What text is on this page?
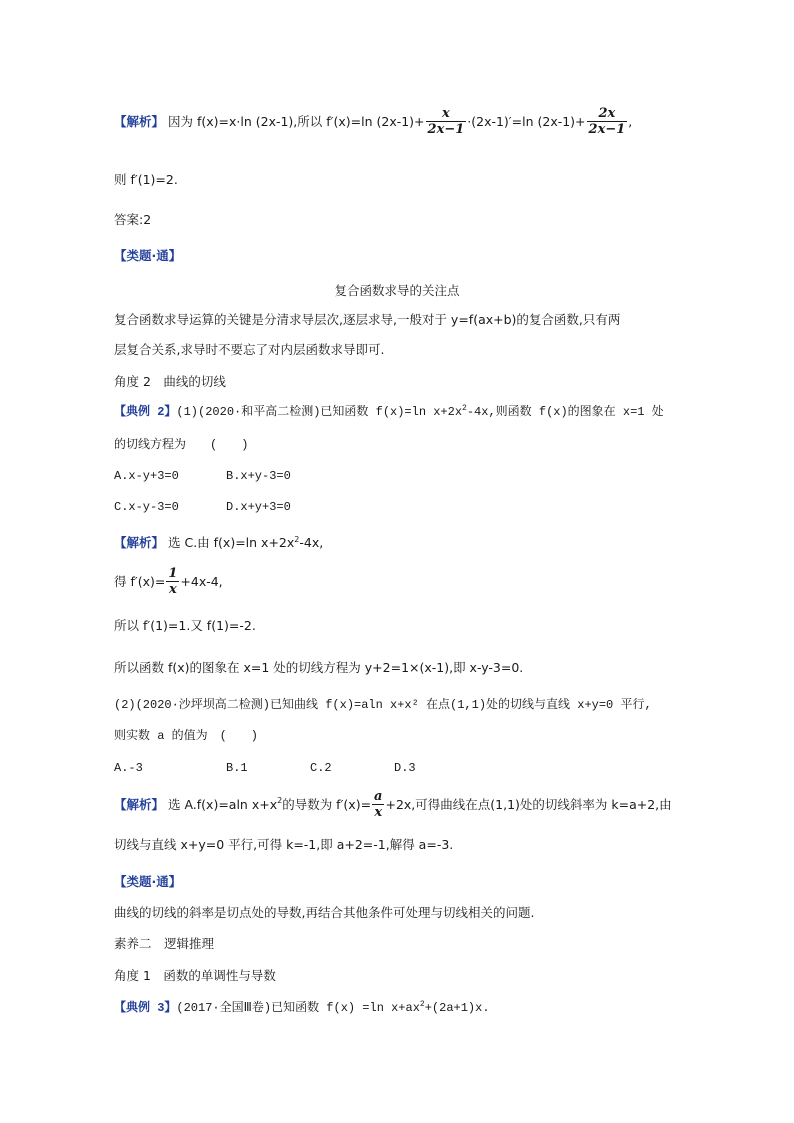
【解析】 因为 f(x)=x·ln (2x-1),所以 f′(x)=ln $(2x-1)+ \frac{x}{2x-1} \cdot(2x-1)'=\ln$ $(2x-1)+ \frac{2x}{2x-1}$ ,
则 f′(1)=2.
答案:2
【类题·通】
复合函数求导的关注点
复合函数求导运算的关键是分清求导层次,逐层求导,一般对于 y=f(ax+b)的复合函数,只有两
层复合关系,求导时不要忘了对内层函数求导即可.
角度 2　曲线的切线
【典例 2】(1)(2020·和平高二检测)已知函数 f(x)=ln $x+2x^2-4x$,则函数 f(x)的图象在 x=1 处
的切线方程为　　(　　)
A.x-y+3=0	B.x+y-3=0
C.x-y-3=0	D.x+y+3=0
【解析】 选 C.由 f(x)=ln $x+2x^2-4x$,
得 $f'(x)= \frac{1}{x} +4x-4$,
所以 f′(1)=1.又 f(1)=-2.
所以函数 f(x)的图象在 x=1 处的切线方程为 y+2=1×(x-1),即 x-y-3=0.
(2)(2020·沙坪坝高二检测)已知曲线 f(x)=aln x+x² 在点(1,1)处的切线与直线 x+y=0 平行,
则实数 a 的值为　(　　)
A.-3	B.1	C.2	D.3
【解析】 选 A.f(x)=aln $x+x^2$的导数为 $f'(x)= \frac{a}{x} +2x$,可得曲线在点(1,1)处的切线斜率为 k=a+2,由
切线与直线 x+y=0 平行,可得 k=-1,即 a+2=-1,解得 a=-3.
【类题·通】
曲线的切线的斜率是切点处的导数,再结合其他条件可处理与切线相关的问题.
素养二　逻辑推理
角度 1　函数的单调性与导数
【典例 3】(2017·全国Ⅲ卷)已知函数 f(x) =ln $x+ax^2+(2a+1)x$.
